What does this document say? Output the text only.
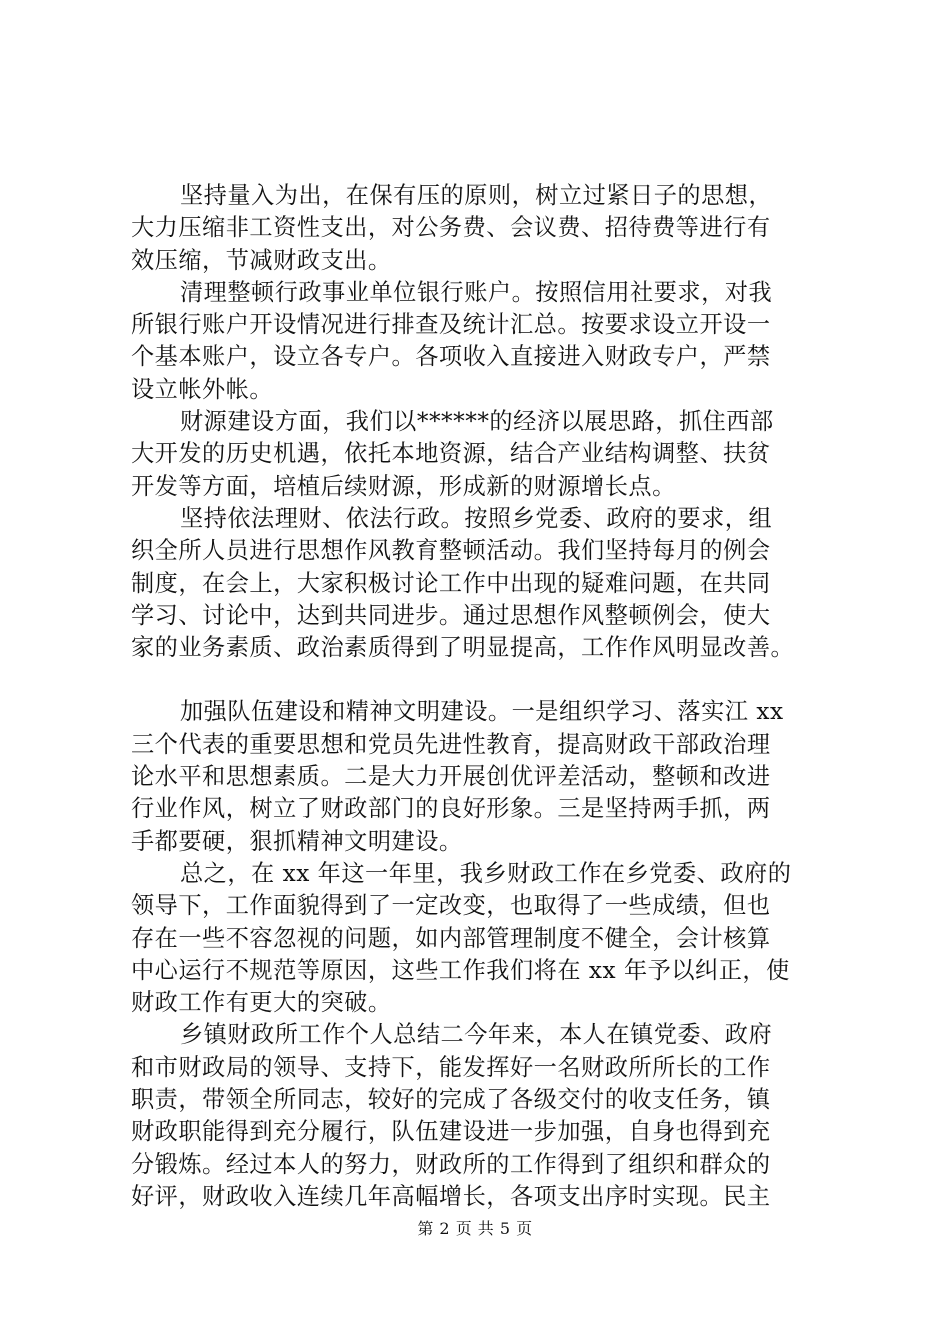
坚持量入为出，在保有压的原则，树立过紧日子的思想，
大力压缩非工资性支出，对公务费、会议费、招待费等进行有
效压缩，节减财政支出。

清理整顿行政事业单位银行账户。按照信用社要求，对我
所银行账户开设情况进行排查及统计汇总。按要求设立开设一
个基本账户，设立各专户。各项收入直接进入财政专户，严禁
设立帐外帐。

财源建设方面，我们以******的经济以展思路，抓住西部
大开发的历史机遇，依托本地资源，结合产业结构调整、扶贫
开发等方面，培植后续财源，形成新的财源增长点。

坚持依法理财、依法行政。按照乡党委、政府的要求，组
织全所人员进行思想作风教育整顿活动。我们坚持每月的例会
制度，在会上，大家积极讨论工作中出现的疑难问题，在共同
学习、讨论中，达到共同进步。通过思想作风整顿例会，使大
家的业务素质、政治素质得到了明显提高，工作作风明显改善。

加强队伍建设和精神文明建设。一是组织学习、落实江 xx
三个代表的重要思想和党员先进性教育，提高财政干部政治理
论水平和思想素质。二是大力开展创优评差活动，整顿和改进
行业作风，树立了财政部门的良好形象。三是坚持两手抓，两
手都要硬，狠抓精神文明建设。

总之，在 xx 年这一年里，我乡财政工作在乡党委、政府的
领导下，工作面貌得到了一定改变，也取得了一些成绩，但也
存在一些不容忽视的问题，如内部管理制度不健全，会计核算
中心运行不规范等原因，这些工作我们将在 xx 年予以纠正，使
财政工作有更大的突破。

乡镇财政所工作个人总结二今年来，本人在镇党委、政府
和市财政局的领导、支持下，能发挥好一名财政所所长的工作
职责，带领全所同志，较好的完成了各级交付的收支任务，镇
财政职能得到充分履行，队伍建设进一步加强，自身也得到充
分锻炼。经过本人的努力，财政所的工作得到了组织和群众的
好评，财政收入连续几年高幅增长，各项支出序时实现。民主

第 2 页 共 5 页
